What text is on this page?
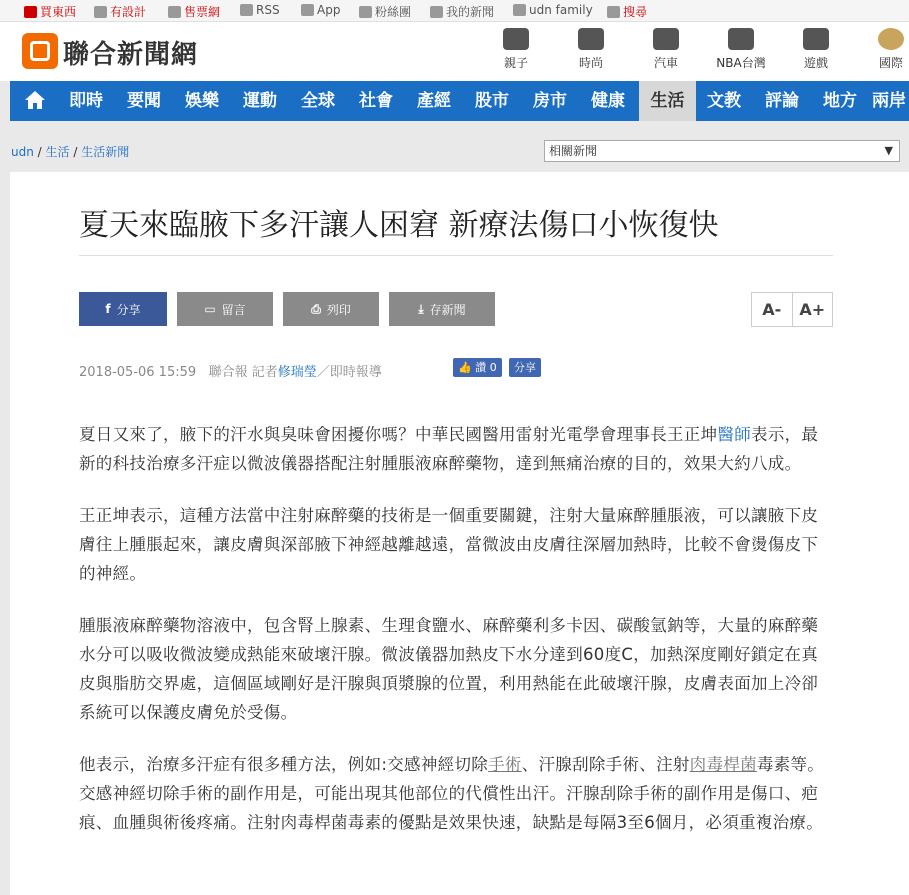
買東西	有設計	售票網	RSS	App	粉絲團	我的新聞	udn family	搜尋
聯合新聞網	親子	時尚	汽車	NBA台灣	遊戲	國際
即時	要聞	娛樂	運動	全球	社會	產經	股市	房市	健康	生活	文教	評論	地方 兩岸
udn / 生活 / 生活新聞	相關新聞	▼
夏天來臨腋下多汗讓人困窘 新療法傷口小恢復快
f 分享	▭ 留言	⎙ 列印	⤓ 存新聞	A-	A+
2018-05-06 15:59 聯合報 記者修瑞瑩／即時報導	👍 讚 0	分享

夏日又來了，腋下的汗水與臭味會困擾你嗎？中華民國醫用雷射光電學會理事長王正坤醫師表示，最新的科技治療多汗症以微波儀器搭配注射腫脹液麻醉藥物，達到無痛治療的目的，效果大約八成。

王正坤表示，這種方法當中注射麻醉藥的技術是一個重要關鍵，注射大量麻醉腫脹液，可以讓腋下皮膚往上腫脹起來，讓皮膚與深部腋下神經越離越遠，當微波由皮膚往深層加熱時，比較不會燙傷皮下的神經。

腫脹液麻醉藥物溶液中，包含腎上腺素、生理食鹽水、麻醉藥利多卡因、碳酸氫鈉等，大量的麻醉藥水分可以吸收微波變成熱能來破壞汗腺。微波儀器加熱皮下水分達到60度C，加熱深度剛好鎖定在真皮與脂肪交界處，這個區域剛好是汗腺與頂漿腺的位置，利用熱能在此破壞汗腺，皮膚表面加上冷卻系統可以保護皮膚免於受傷。

他表示，治療多汗症有很多種方法，例如:交感神經切除手術、汗腺刮除手術、注射肉毒桿菌毒素等。交感神經切除手術的副作用是，可能出現其他部位的代償性出汗。汗腺刮除手術的副作用是傷口、疤痕、血腫與術後疼痛。注射肉毒桿菌毒素的優點是效果快速，缺點是每隔3至6個月，必須重複治療。
